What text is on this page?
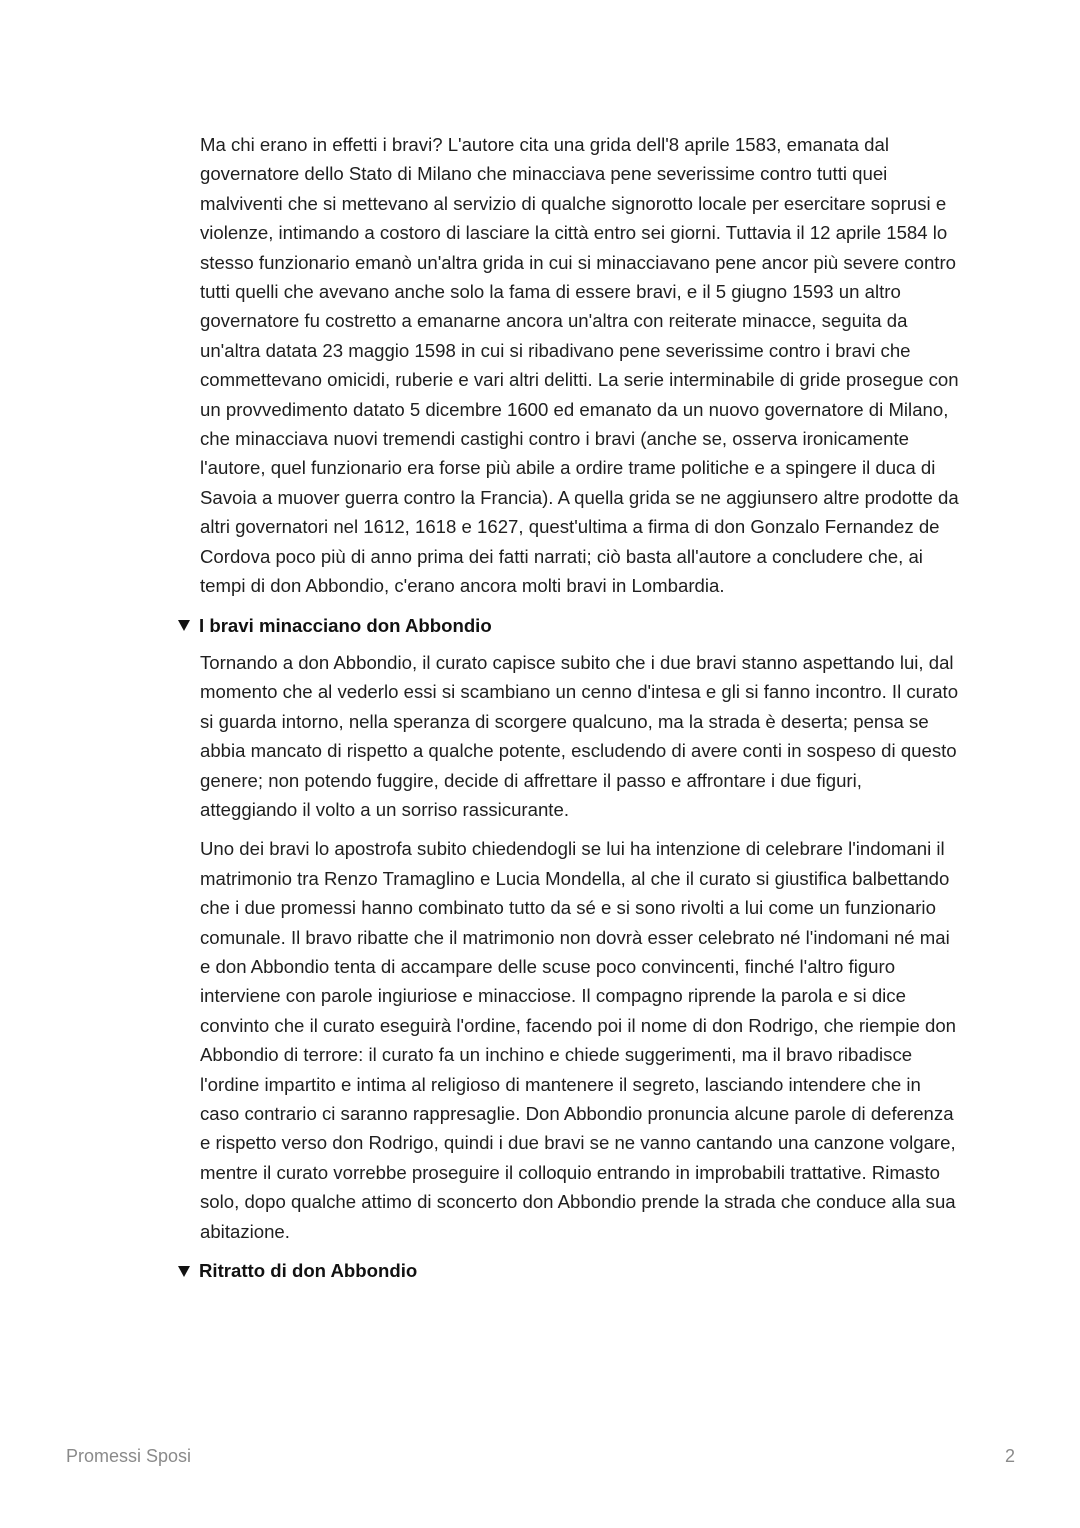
Ma chi erano in effetti i bravi? L'autore cita una grida dell'8 aprile 1583, emanata dal governatore dello Stato di Milano che minacciava pene severissime contro tutti quei malviventi che si mettevano al servizio di qualche signorotto locale per esercitare soprusi e violenze, intimando a costoro di lasciare la città entro sei giorni. Tuttavia il 12 aprile 1584 lo stesso funzionario emanò un'altra grida in cui si minacciavano pene ancor più severe contro tutti quelli che avevano anche solo la fama di essere bravi, e il 5 giugno 1593 un altro governatore fu costretto a emanarne ancora un'altra con reiterate minacce, seguita da un'altra datata 23 maggio 1598 in cui si ribadivano pene severissime contro i bravi che commettevano omicidi, ruberie e vari altri delitti. La serie interminabile di gride prosegue con un provvedimento datato 5 dicembre 1600 ed emanato da un nuovo governatore di Milano, che minacciava nuovi tremendi castighi contro i bravi (anche se, osserva ironicamente l'autore, quel funzionario era forse più abile a ordire trame politiche e a spingere il duca di Savoia a muover guerra contro la Francia). A quella grida se ne aggiunsero altre prodotte da altri governatori nel 1612, 1618 e 1627, quest'ultima a firma di don Gonzalo Fernandez de Cordova poco più di anno prima dei fatti narrati; ciò basta all'autore a concludere che, ai tempi di don Abbondio, c'erano ancora molti bravi in Lombardia.

I bravi minacciano don Abbondio

Tornando a don Abbondio, il curato capisce subito che i due bravi stanno aspettando lui, dal momento che al vederlo essi si scambiano un cenno d'intesa e gli si fanno incontro. Il curato si guarda intorno, nella speranza di scorgere qualcuno, ma la strada è deserta; pensa se abbia mancato di rispetto a qualche potente, escludendo di avere conti in sospeso di questo genere; non potendo fuggire, decide di affrettare il passo e affrontare i due figuri, atteggiando il volto a un sorriso rassicurante.

Uno dei bravi lo apostrofa subito chiedendogli se lui ha intenzione di celebrare l'indomani il matrimonio tra Renzo Tramaglino e Lucia Mondella, al che il curato si giustifica balbettando che i due promessi hanno combinato tutto da sé e si sono rivolti a lui come un funzionario comunale. Il bravo ribatte che il matrimonio non dovrà esser celebrato né l'indomani né mai e don Abbondio tenta di accampare delle scuse poco convincenti, finché l'altro figuro interviene con parole ingiuriose e minacciose. Il compagno riprende la parola e si dice convinto che il curato eseguirà l'ordine, facendo poi il nome di don Rodrigo, che riempie don Abbondio di terrore: il curato fa un inchino e chiede suggerimenti, ma il bravo ribadisce l'ordine impartito e intima al religioso di mantenere il segreto, lasciando intendere che in caso contrario ci saranno rappresaglie. Don Abbondio pronuncia alcune parole di deferenza e rispetto verso don Rodrigo, quindi i due bravi se ne vanno cantando una canzone volgare, mentre il curato vorrebbe proseguire il colloquio entrando in improbabili trattative. Rimasto solo, dopo qualche attimo di sconcerto don Abbondio prende la strada che conduce alla sua abitazione.

Ritratto di don Abbondio
Promessi Sposi	2
